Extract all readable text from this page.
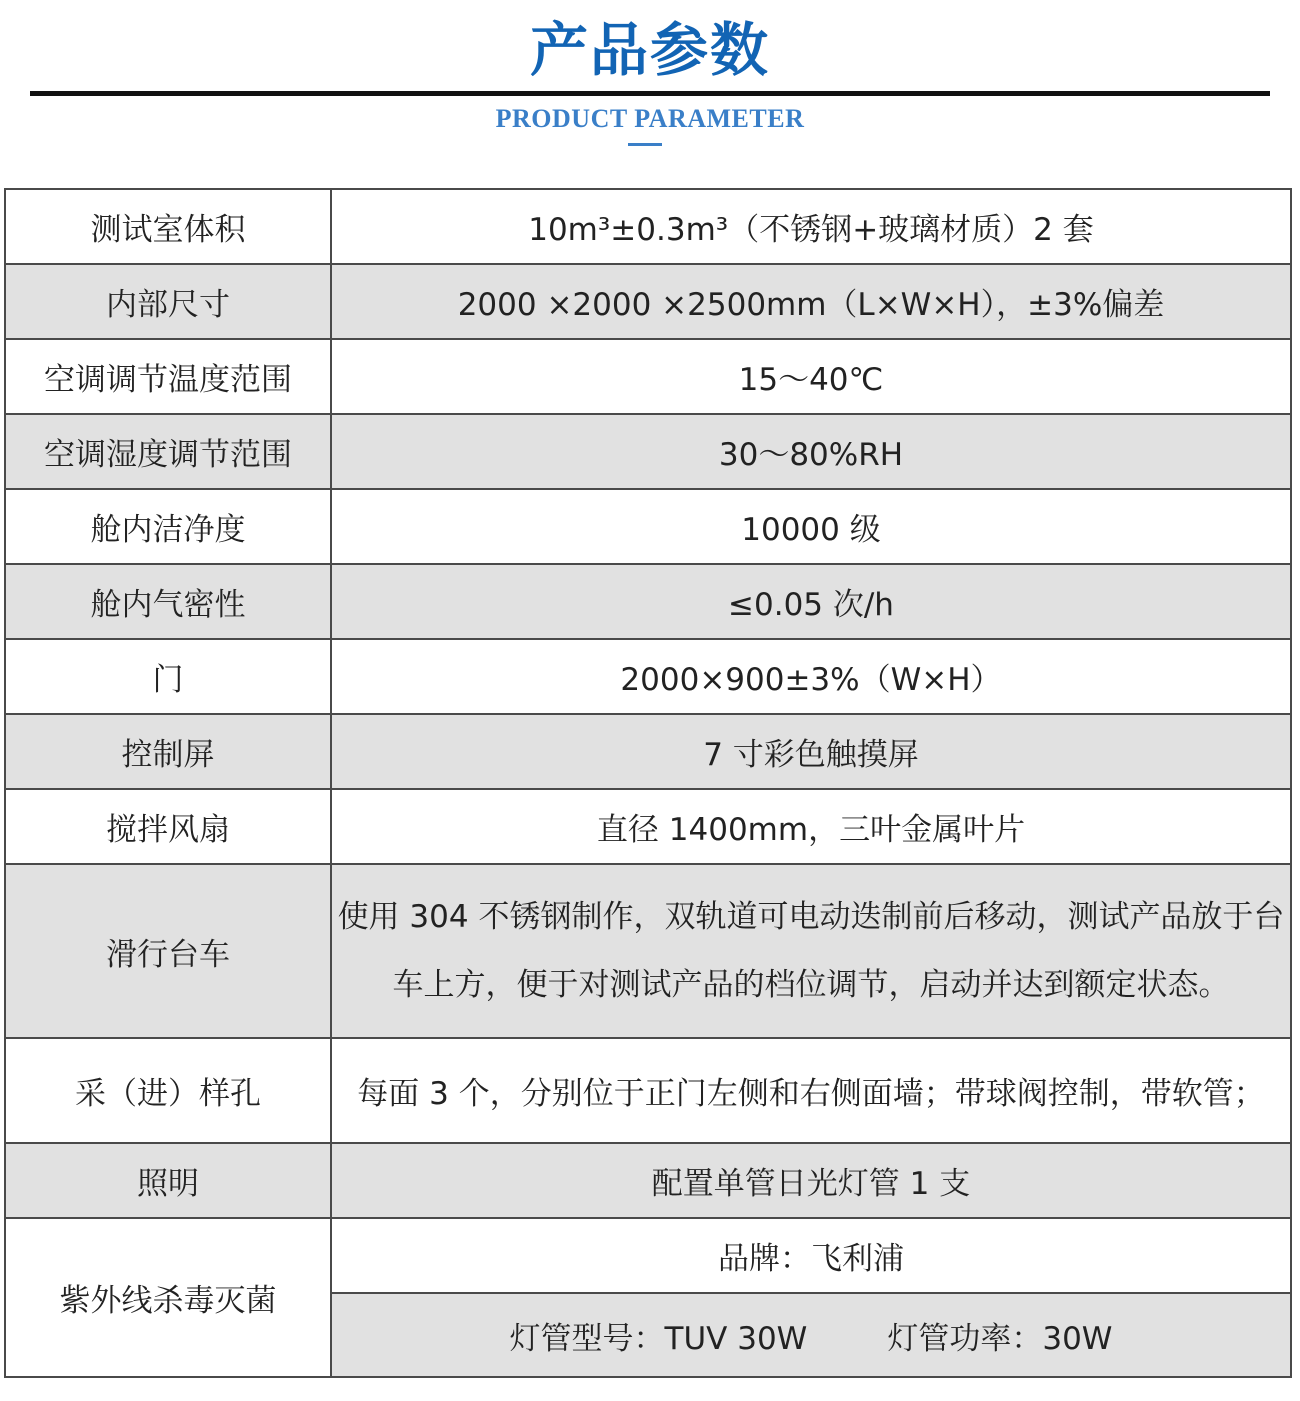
产品参数
PRODUCT PARAMETER
测试室体积	10m³±0.3m³（不锈钢+玻璃材质）2 套
内部尺寸	2000 ×2000 ×2500mm（L×W×H），±3%偏差
空调调节温度范围	15～40℃
空调湿度调节范围	30～80%RH
舱内洁净度	10000 级
舱内气密性	≤0.05 次/h
门	2000×900±3%（W×H）
控制屏	7 寸彩色触摸屏
搅拌风扇	直径 1400mm，三叶金属叶片
滑行台车	使用 304 不锈钢制作，双轨道可电动迭制前后移动，测试产品放于台车上方，便于对测试产品的档位调节，启动并达到额定状态。
采（进）样孔	每面 3 个，分别位于正门左侧和右侧面墙；带球阀控制，带软管；
照明	配置单管日光灯管 1 支
紫外线杀毒灭菌	品牌：飞利浦
	灯管型号：TUV 30W 灯管功率：30W
